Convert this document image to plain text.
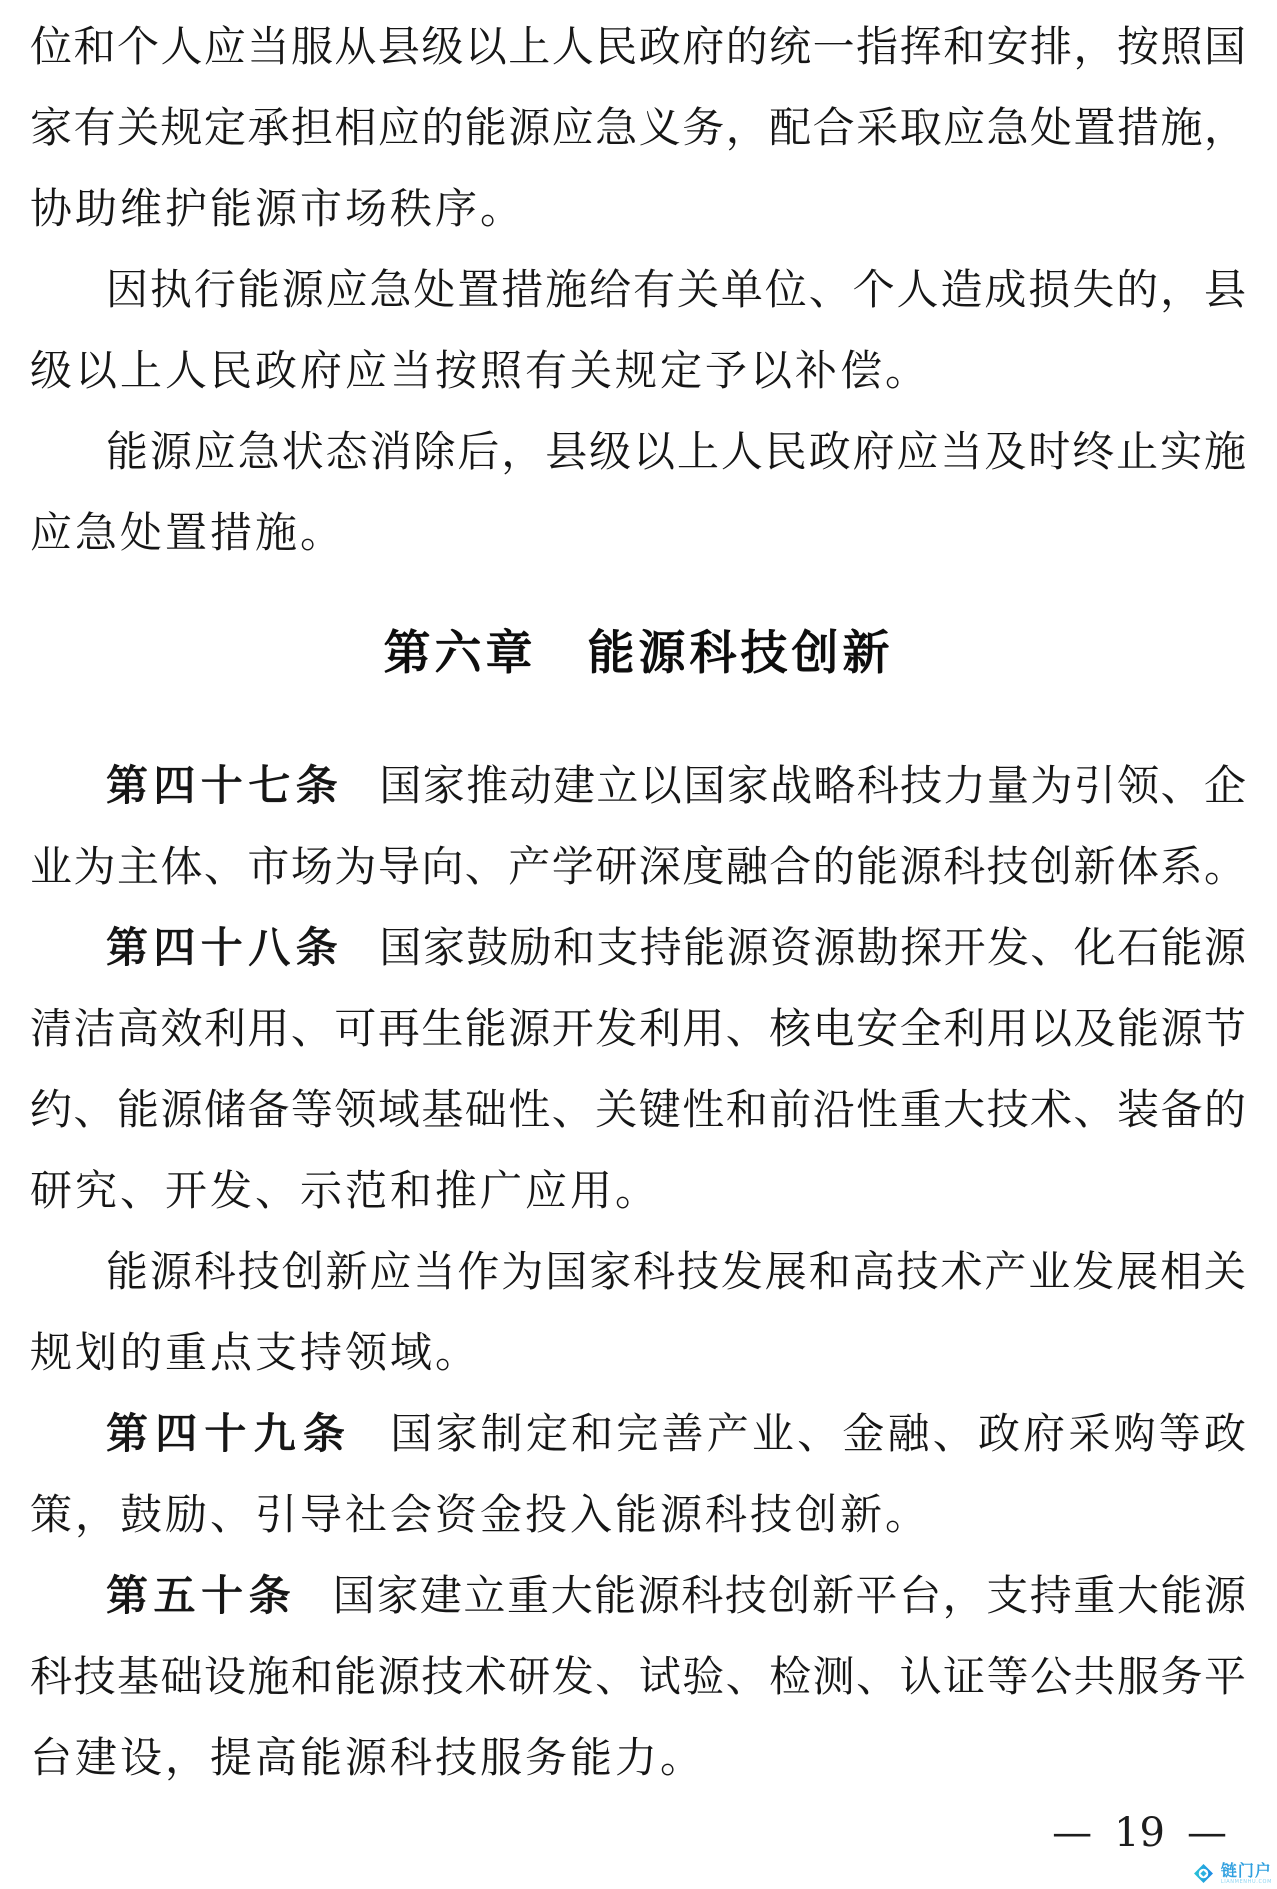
位和个人应当服从县级以上人民政府的统一指挥和安排，按照国
家有关规定承担相应的能源应急义务，配合采取应急处置措施，
协助维护能源市场秩序。
因执行能源应急处置措施给有关单位、个人造成损失的，县
级以上人民政府应当按照有关规定予以补偿。
能源应急状态消除后，县级以上人民政府应当及时终止实施
应急处置措施。
第六章　能源科技创新
第四十七条 国家推动建立以国家战略科技力量为引领、企
业为主体、市场为导向、产学研深度融合的能源科技创新体系。
第四十八条 国家鼓励和支持能源资源勘探开发、化石能源
清洁高效利用、可再生能源开发利用、核电安全利用以及能源节
约、能源储备等领域基础性、关键性和前沿性重大技术、装备的
研究、开发、示范和推广应用。
能源科技创新应当作为国家科技发展和高技术产业发展相关
规划的重点支持领域。
第四十九条 国家制定和完善产业、金融、政府采购等政
策，鼓励、引导社会资金投入能源科技创新。
第五十条 国家建立重大能源科技创新平台，支持重大能源
科技基础设施和能源技术研发、试验、检测、认证等公共服务平
台建设，提高能源科技服务能力。
— 19 —
链门户
LIANMENHU.COM
